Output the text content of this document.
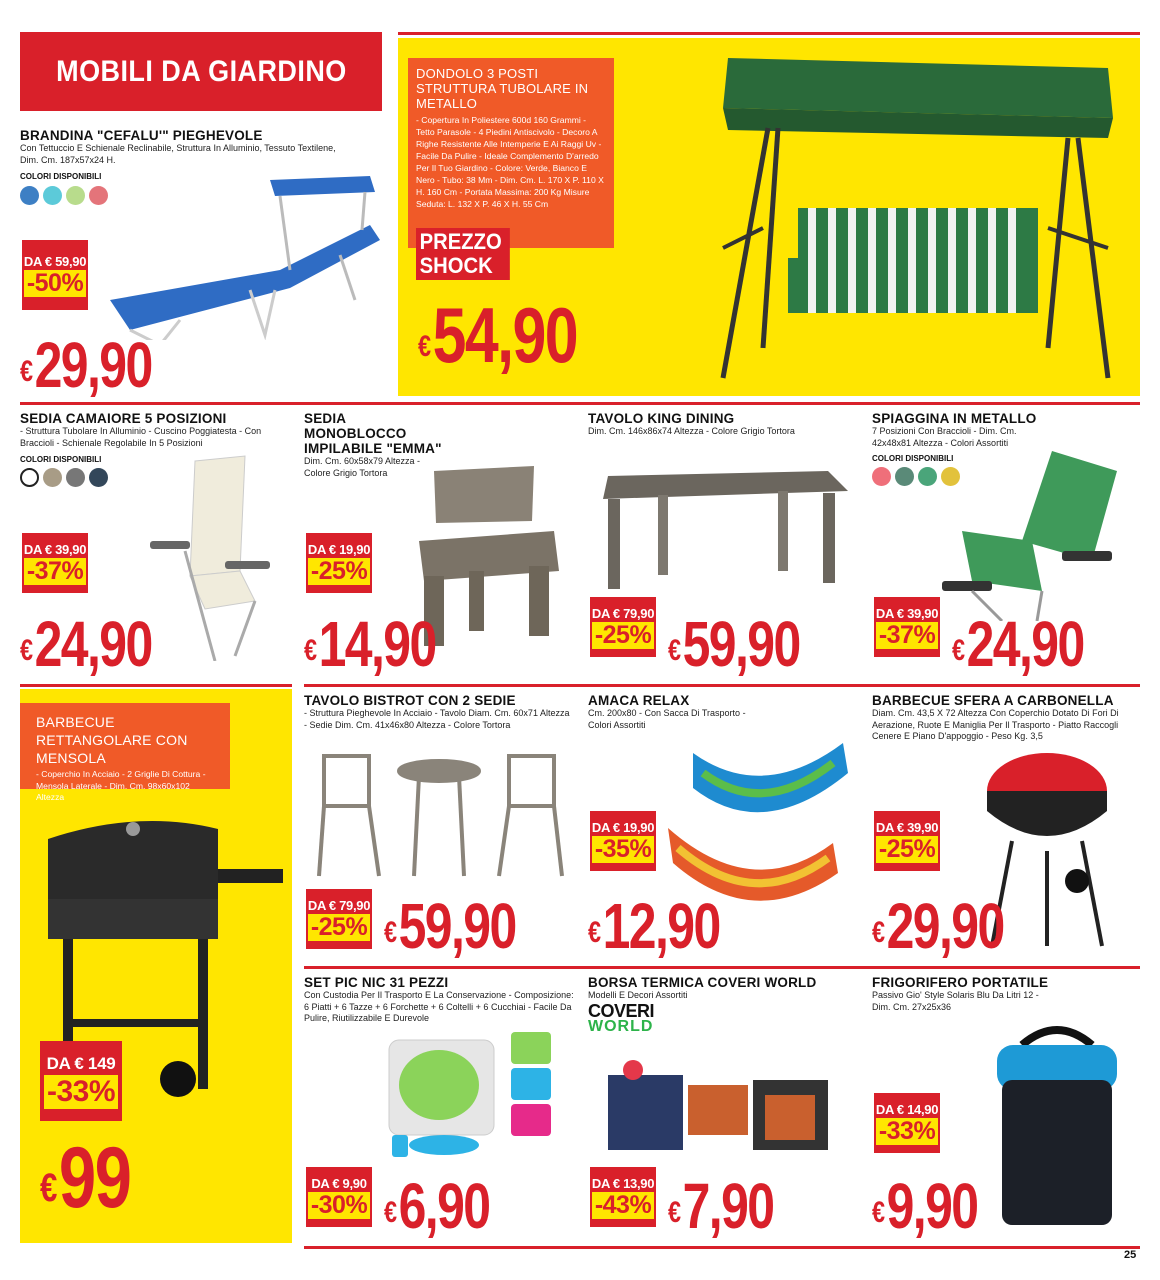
MOBILI DA GIARDINO
BRANDINA "CEFALU'" PIEGHEVOLE
Con Tettuccio E Schienale Reclinabile, Struttura In Alluminio, Tessuto Textilene, Dim. Cm. 187x57x24 H.
COLORI DISPONIBILI
DA € 59,90
-50%
€29,90
DONDOLO 3 POSTI STRUTTURA TUBOLARE IN METALLO
- Copertura In Poliestere 600d 160 Grammi - Tetto Parasole - 4 Piedini Antiscivolo - Decoro A Righe Resistente Alle Intemperie E Ai Raggi Uv - Facile Da Pulire - Ideale Complemento D'arredo Per Il Tuo Giardino - Colore: Verde, Bianco E Nero - Tubo: 38 Mm - Dim. Cm. L. 170 X P. 110 X H. 160 Cm - Portata Massima: 200 Kg Misure Seduta: L. 132 X P. 46 X H. 55 Cm
PREZZO
SHOCK
€54,90
SEDIA CAMAIORE 5 POSIZIONI
- Struttura Tubolare In Alluminio - Cuscino Poggiatesta - Con Braccioli - Schienale Regolabile In 5 Posizioni
COLORI DISPONIBILI
DA € 39,90
-37%
€24,90
SEDIA MONOBLOCCO IMPILABILE "EMMA"
Dim. Cm. 60x58x79 Altezza - Colore Grigio Tortora
DA € 19,90
-25%
€14,90
TAVOLO KING DINING
Dim. Cm. 146x86x74 Altezza - Colore Grigio Tortora
DA € 79,90
-25% €59,90
SPIAGGINA IN METALLO
7 Posizioni Con Braccioli - Dim. Cm. 42x48x81 Altezza - Colori Assortiti
COLORI DISPONIBILI
DA € 39,90
-37% €24,90
BARBECUE RETTANGOLARE CON MENSOLA
- Coperchio In Acciaio - 2 Griglie Di Cottura - Mensola Laterale - Dim. Cm. 98x60x102 Altezza
DA € 149
-33%
€99
TAVOLO BISTROT CON 2 SEDIE
- Struttura Pieghevole In Acciaio - Tavolo Diam. Cm. 60x71 Altezza - Sedie Dim. Cm. 41x46x80 Altezza - Colore Tortora
DA € 79,90
-25% €59,90
AMACA RELAX
Cm. 200x80 - Con Sacca Di Trasporto - Colori Assortiti
DA € 19,90
-35%
€12,90
BARBECUE SFERA A CARBONELLA
Diam. Cm. 43,5 X 72 Altezza Con Coperchio Dotato Di Fori Di Aerazione, Ruote E Maniglia Per Il Trasporto - Piatto Raccogli Cenere E Piano D'appoggio - Peso Kg. 3,5
DA € 39,90
-25%
€29,90
SET PIC NIC 31 PEZZI
Con Custodia Per Il Trasporto E La Conservazione - Composizione: 6 Piatti + 6 Tazze + 6 Forchette + 6 Coltelli + 6 Cucchiai - Facile Da Pulire, Riutilizzabile E Durevole
DA € 9,90
-30% €6,90
BORSA TERMICA COVERI WORLD
Modelli E Decori Assortiti
COVERI
WORLD
DA € 13,90
-43% €7,90
FRIGORIFERO PORTATILE
Passivo Gio' Style Solaris Blu Da Litri 12 - Dim. Cm. 27x25x36
DA € 14,90
-33%
€9,90
25
